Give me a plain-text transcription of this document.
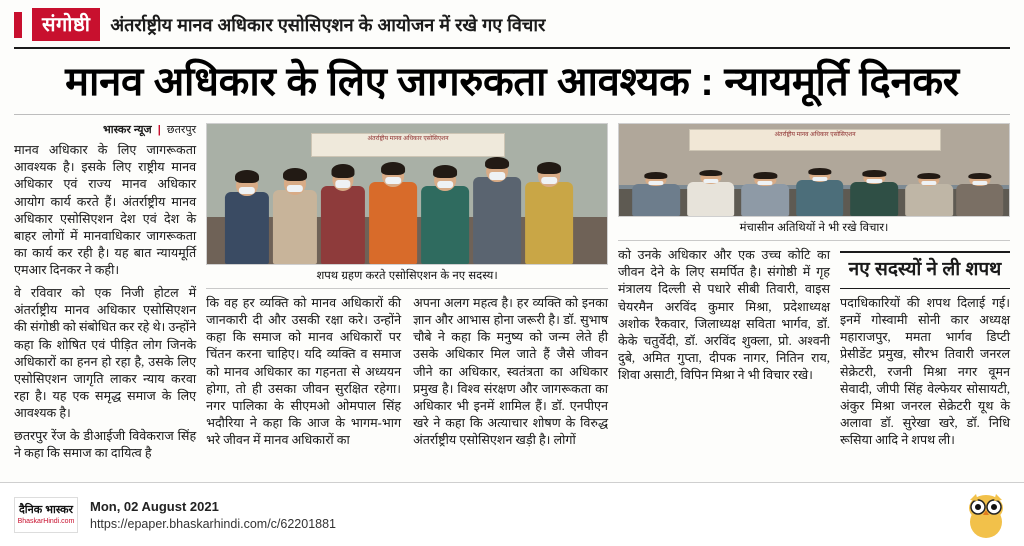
संगोष्ठी	अंतर्राष्ट्रीय मानव अधिकार एसोसिएशन के आयोजन में रखे गए विचार
मानव अधिकार के लिए जागरुकता आवश्यक : न्यायमूर्ति दिनकर
भास्कर न्यूज | छतरपुर

मानव अधिकार के लिए जागरूकता आवश्यक है। इसके लिए राष्ट्रीय मानव अधिकार एवं राज्य मानव अधिकार आयोग कार्य करते हैं। अंतर्राष्ट्रीय मानव अधिकार एसोसिएशन देश एवं देश के बाहर लोगों में मानवाधिकार जागरूकता का कार्य कर रही है। यह बात न्यायमूर्ति एमआर दिनकर ने कही।

वे रविवार को एक निजी होटल में अंतर्राष्ट्रीय मानव अधिकार एसोसिएशन की संगोष्ठी को संबोधित कर रहे थे। उन्होंने कहा कि शोषित एवं पीड़ित लोग जिनके अधिकारों का हनन हो रहा है, उसके लिए एसोसिएशन जागृति लाकर न्याय करवा रहा है। यह एक समृद्ध समाज के लिए आवश्यक है।

छतरपुर रेंज के डीआईजी विवेकराज सिंह ने कहा कि समाज का दायित्व है

अंतर्राष्ट्रीय मानव अधिकार एसोसिएशन
शपथ ग्रहण करते एसोसिएशन के नए सदस्य।

कि वह हर व्यक्ति को मानव अधिकारों की जानकारी दी और उसकी रक्षा करे। उन्होंने कहा कि समाज को मानव अधिकारों पर चिंतन करना चाहिए। यदि व्यक्ति व समाज को मानव अधिकार का गहनता से अध्ययन होगा, तो ही उसका जीवन सुरक्षित रहेगा। नगर पालिका के सीएमओ ओमपाल सिंह भदौरिया ने कहा कि आज के भागम-भाग भरे जीवन में मानव अधिकारों का

अपना अलग महत्व है। हर व्यक्ति को इनका ज्ञान और आभास होना जरूरी है। डॉ. सुभाष चौबे ने कहा कि मनुष्य को जन्म लेते ही उसके अधिकार मिल जाते हैं जैसे जीवन जीने का अधिकार, स्वतंत्रता का अधिकार प्रमुख है। विश्व संरक्षण और जागरूकता का अधिकार भी इनमें शामिल हैं। डॉ. एनपीएन खरे ने कहा कि अत्याचार शोषण के विरुद्ध अंतर्राष्ट्रीय एसोसिएशन खड़ी है। लोगों

अंतर्राष्ट्रीय मानव अधिकार एसोसिएशन
मंचासीन अतिथियों ने भी रखे विचार।

को उनके अधिकार और एक उच्च कोटि का जीवन देने के लिए समर्पित है। संगोष्ठी में गृह मंत्रालय दिल्ली से पधारे सीबी तिवारी, वाइस चेयरमैन अरविंद कुमार मिश्रा, प्रदेशाध्यक्ष अशोक रैकवार, जिलाध्यक्ष सविता भार्गव, डॉ. केके चतुर्वेदी, डॉ. अरविंद शुक्ला, प्रो. अश्वनी दुबे, अमित गुप्ता, दीपक नागर, नितिन राय, शिवा असाटी, विपिन मिश्रा ने भी विचार रखे।

नए सदस्यों ने ली शपथ

पदाधिकारियों की शपथ दिलाई गई। इनमें गोस्वामी सोनी कार अध्यक्ष महाराजपुर, ममता भार्गव डिप्टी प्रेसीडेंट प्रमुख, सौरभ तिवारी जनरल सेक्रेटरी, रजनी मिश्रा नगर वूमन सेवादी, जीपी सिंह वेल्फेयर सोसायटी, अंकुर मिश्रा जनरल सेक्रेटरी यूथ के अलावा डॉ. सुरेखा खरे, डॉ. निधि रूसिया आदि ने शपथ ली।

दैनिक भास्कर
BhaskarHindi.com
Mon, 02 August 2021
https://epaper.bhaskarhindi.com/c/62201881
